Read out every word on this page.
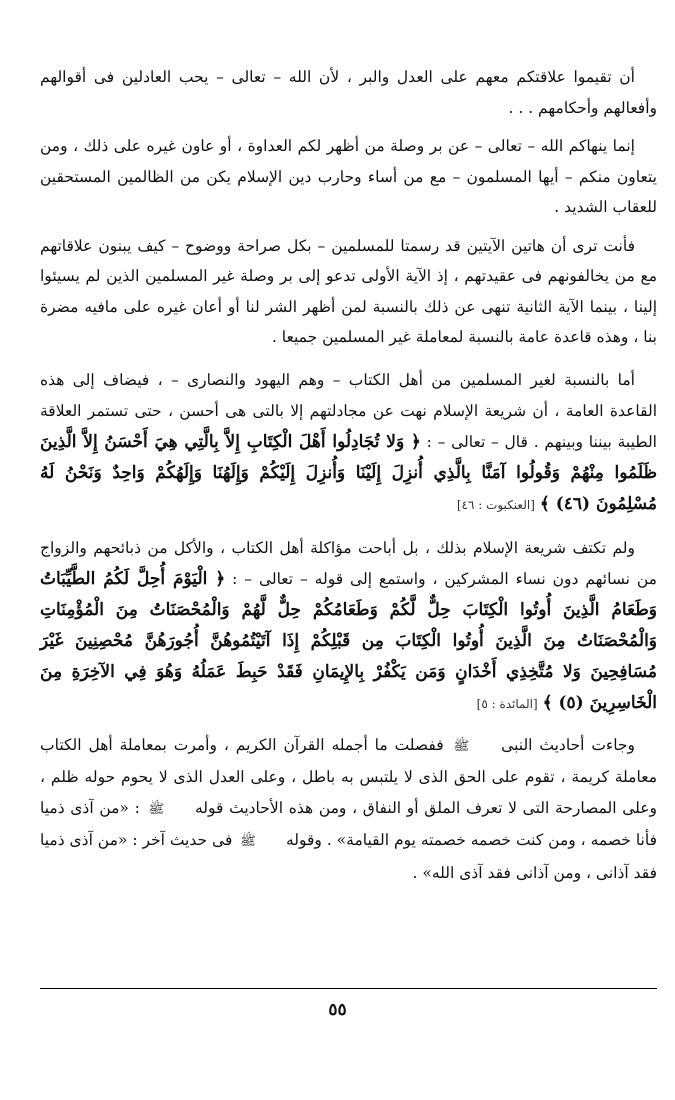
أن تقيموا علاقتكم معهم على العدل والبر ، لأن الله – تعالى – يحب العادلين فى أقوالهم وأفعالهم وأحكامهم . . .

إنما ينهاكم الله – تعالى – عن بر وصلة من أظهر لكم العداوة ، أو عاون غيره على ذلك ، ومن يتعاون منكم – أيها المسلمون – مع من أساء وحارب دين الإسلام يكن من الظالمين المستحقين للعقاب الشديد .

فأنت ترى أن هاتين الآيتين قد رسمتا للمسلمين – بكل صراحة ووضوح – كيف يبنون علاقاتهم مع من يخالفونهم فى عقيدتهم ، إذ الآية الأولى تدعو إلى بر وصلة غير المسلمين الذين لم يسيئوا إلينا ، بينما الآية الثانية تنهى عن ذلك بالنسبة لمن أظهر الشر لنا أو أعان غيره على مافيه مضرة بنا ، وهذه قاعدة عامة بالنسبة لمعاملة غير المسلمين جميعا .

أما بالنسبة لغير المسلمين من أهل الكتاب – وهم اليهود والنصارى – ، فيضاف إلى هذه القاعدة العامة ، أن شريعة الإسلام نهت عن مجادلتهم إلا بالتى هى أحسن ، حتى تستمر العلاقة الطيبة بيننا وبينهم . قال – تعالى – : ﴿ وَلا تُجَادِلُوا أَهْلَ الْكِتَابِ إِلاَّ بِالَّتِي هِيَ أَحْسَنُ إِلاَّ الَّذِينَ ظَلَمُوا مِنْهُمْ وَقُولُوا آمَنَّا بِالَّذِي أُنزِلَ إِلَيْنَا وَأُنزِلَ إِلَيْكُمْ وَإِلَهُنَا وَإِلَهُكُمْ وَاحِدٌ وَنَحْنُ لَهُ مُسْلِمُونَ (٤٦) ﴾ [العنكبوت : ٤٦]

ولم تكتف شريعة الإسلام بذلك ، بل أباحت مؤاكلة أهل الكتاب ، والأكل من ذبائحهم والزواج من نسائهم دون نساء المشركين ، واستمع إلى قوله – تعالى – : ﴿ الْيَوْمَ أُحِلَّ لَكُمُ الطَّيِّبَاتُ وَطَعَامُ الَّذِينَ أُوتُوا الْكِتَابَ حِلٌّ لَّكُمْ وَطَعَامُكُمْ حِلٌّ لَّهُمْ وَالْمُحْصَنَاتُ مِنَ الْمُؤْمِنَاتِ وَالْمُحْصَنَاتُ مِنَ الَّذِينَ أُوتُوا الْكِتَابَ مِن قَبْلِكُمْ إِذَا آتَيْتُمُوهُنَّ أُجُورَهُنَّ مُحْصِنِينَ غَيْرَ مُسَافِحِينَ وَلا مُتَّخِذِي أَخْدَانٍ وَمَن يَكْفُرْ بِالإِيمَانِ فَقَدْ حَبِطَ عَمَلُهُ وَهُوَ فِي الآخِرَةِ مِنَ الْخَاسِرِينَ (٥) ﴾ [المائدة : ٥]

وجاءت أحاديث النبى ﷺ ففصلت ما أجمله القرآن الكريم ، وأمرت بمعاملة أهل الكتاب معاملة كريمة ، تقوم على الحق الذى لا يلتبس به باطل ، وعلى العدل الذى لا يحوم حوله ظلم ، وعلى المصارحة التى لا تعرف الملق أو النفاق ، ومن هذه الأحاديث قوله ﷺ : «من آذى ذميا فأنا خصمه ، ومن كنت خصمه خصمته يوم القيامة» . وقوله ﷺ فى حديث آخر : «من آذى ذميا فقد آذانى ، ومن آذانى فقد آذى الله» .

٥٥
